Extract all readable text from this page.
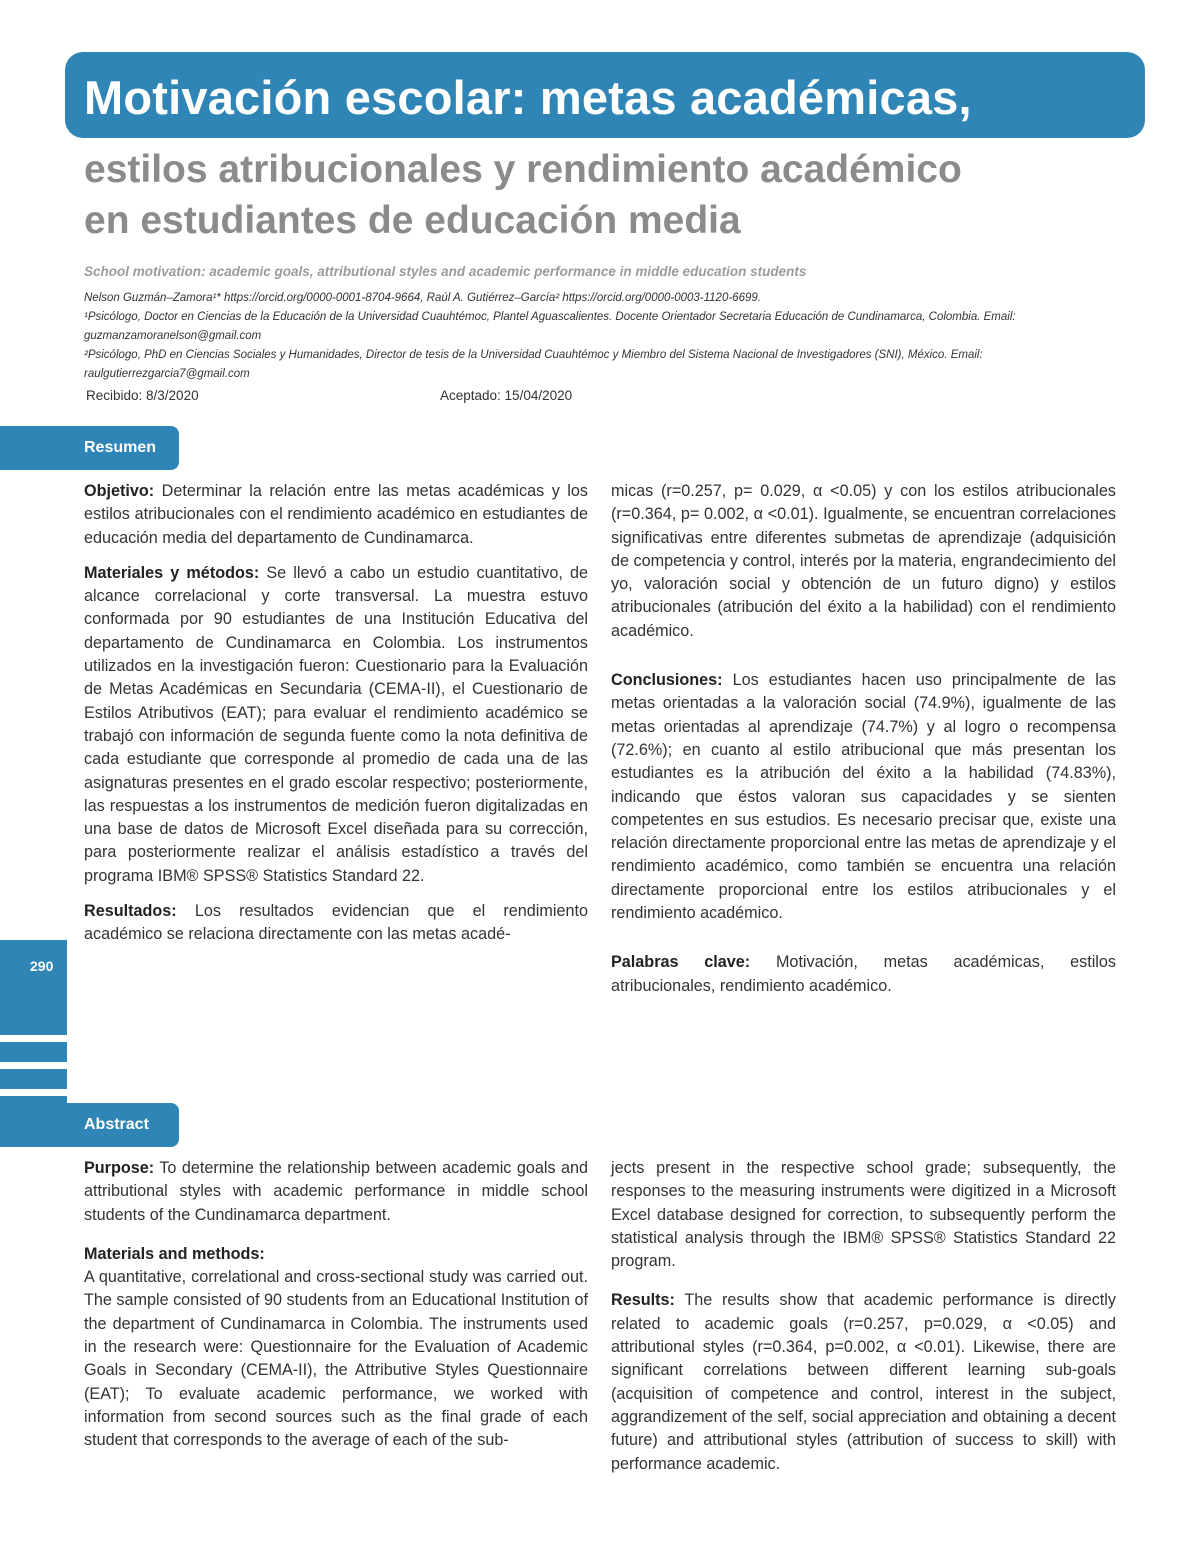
Motivación escolar: metas académicas,
estilos atribucionales y rendimiento académico
en estudiantes de educación media
School motivation: academic goals, attributional styles and academic performance in middle education students

Nelson Guzmán–Zamora¹* https://orcid.org/0000-0001-8704-9664, Raúl A. Gutiérrez–García² https://orcid.org/0000-0003-1120-6699.

¹Psicólogo, Doctor en Ciencias de la Educación de la Universidad Cuauhtémoc, Plantel Aguascalientes. Docente Orientador Secretaria Educación de Cundinamarca, Colombia. Email: guzmanzamoranelson@gmail.com

²Psicólogo, PhD en Ciencias Sociales y Humanidades, Director de tesis de la Universidad Cuauhtémoc y Miembro del Sistema Nacional de Investigadores (SNI), México. Email: raulgutierrezgarcia7@gmail.com

Recibido: 8/3/2020	Aceptado: 15/04/2020
Resumen

Objetivo: Determinar la relación entre las metas académicas y los estilos atribucionales con el rendimiento académico en estudiantes de educación media del departamento de Cundinamarca.

Materiales y métodos: Se llevó a cabo un estudio cuantitativo, de alcance correlacional y corte transversal. La muestra estuvo conformada por 90 estudiantes de una Institución Educativa del departamento de Cundinamarca en Colombia. Los instrumentos utilizados en la investigación fueron: Cuestionario para la Evaluación de Metas Académicas en Secundaria (CEMA-II), el Cuestionario de Estilos Atributivos (EAT); para evaluar el rendimiento académico se trabajó con información de segunda fuente como la nota definitiva de cada estudiante que corresponde al promedio de cada una de las asignaturas presentes en el grado escolar respectivo; posteriormente, las respuestas a los instrumentos de medición fueron digitalizadas en una base de datos de Microsoft Excel diseñada para su corrección, para posteriormente realizar el análisis estadístico a través del programa IBM® SPSS® Statistics Standard 22.

Resultados: Los resultados evidencian que el rendimiento académico se relaciona directamente con las metas acadé-

micas (r=0.257, p= 0.029, α <0.05) y con los estilos atribucionales (r=0.364, p= 0.002, α <0.01). Igualmente, se encuentran correlaciones significativas entre diferentes submetas de aprendizaje (adquisición de competencia y control, interés por la materia, engrandecimiento del yo, valoración social y obtención de un futuro digno) y estilos atribucionales (atribución del éxito a la habilidad) con el rendimiento académico.

Conclusiones: Los estudiantes hacen uso principalmente de las metas orientadas a la valoración social (74.9%), igualmente de las metas orientadas al aprendizaje (74.7%) y al logro o recompensa (72.6%); en cuanto al estilo atribucional que más presentan los estudiantes es la atribución del éxito a la habilidad (74.83%), indicando que éstos valoran sus capacidades y se sienten competentes en sus estudios. Es necesario precisar que, existe una relación directamente proporcional entre las metas de aprendizaje y el rendimiento académico, como también se encuentra una relación directamente proporcional entre los estilos atribucionales y el rendimiento académico.

Palabras clave: Motivación, metas académicas, estilos atribucionales, rendimiento académico.

290
Abstract

Purpose: To determine the relationship between academic goals and attributional styles with academic performance in middle school students of the Cundinamarca department.

Materials and methods:

A quantitative, correlational and cross-sectional study was carried out. The sample consisted of 90 students from an Educational Institution of the department of Cundinamarca in Colombia. The instruments used in the research were: Questionnaire for the Evaluation of Academic Goals in Secondary (CEMA-II), the Attributive Styles Questionnaire (EAT); To evaluate academic performance, we worked with information from second sources such as the final grade of each student that corresponds to the average of each of the sub-

jects present in the respective school grade; subsequently, the responses to the measuring instruments were digitized in a Microsoft Excel database designed for correction, to subsequently perform the statistical analysis through the IBM® SPSS® Statistics Standard 22 program.

Results: The results show that academic performance is directly related to academic goals (r=0.257, p=0.029, α <0.05) and attributional styles (r=0.364, p=0.002, α <0.01). Likewise, there are significant correlations between different learning sub-goals (acquisition of competence and control, interest in the subject, aggrandizement of the self, social appreciation and obtaining a decent future) and attributional styles (attribution of success to skill) with performance academic.
